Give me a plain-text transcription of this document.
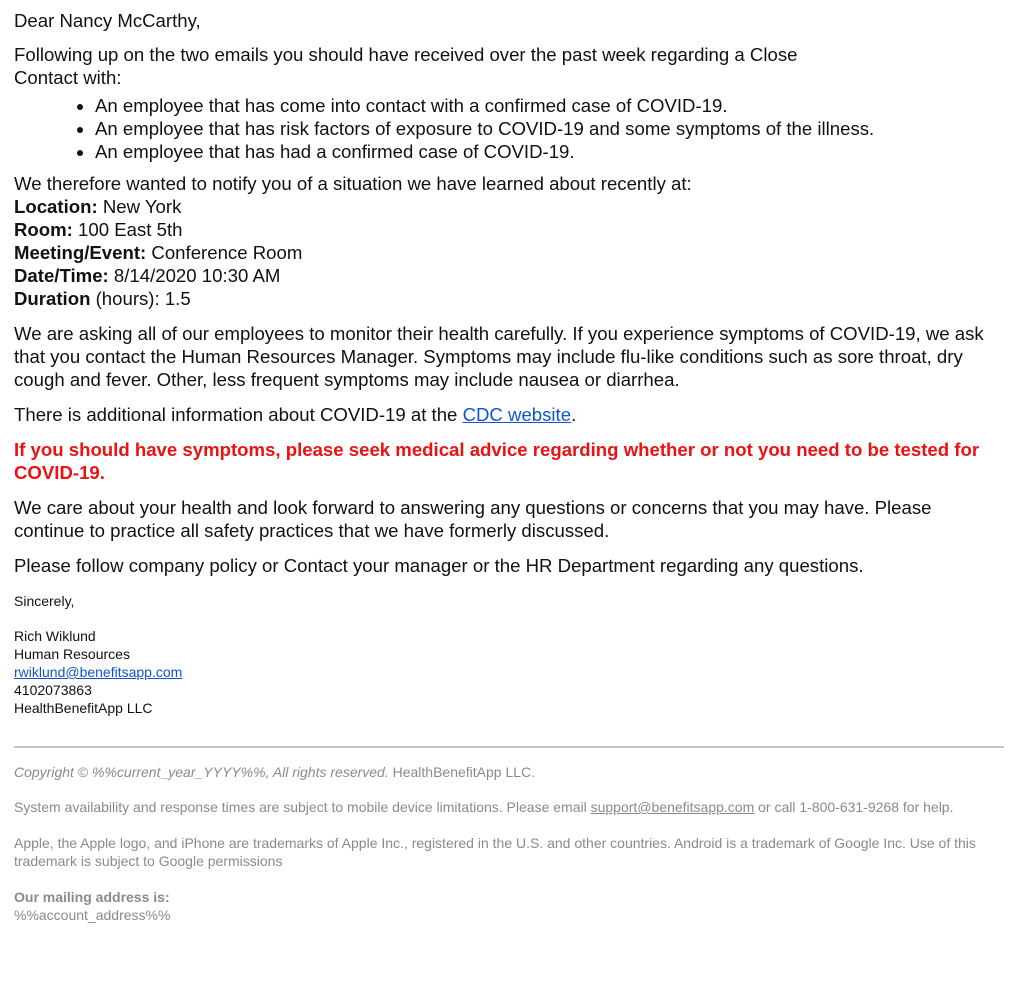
Dear Nancy McCarthy,

Following up on the two emails you should have received over the past week regarding a Close Contact with:

• An employee that has come into contact with a confirmed case of COVID-19.
• An employee that has risk factors of exposure to COVID-19 and some symptoms of the illness.
• An employee that has had a confirmed case of COVID-19.
We therefore wanted to notify you of a situation we have learned about recently at:
Location: New York
Room: 100 East 5th
Meeting/Event: Conference Room
Date/Time: 8/14/2020 10:30 AM
Duration (hours): 1.5

We are asking all of our employees to monitor their health carefully. If you experience symptoms of COVID-19, we ask that you contact the Human Resources Manager. Symptoms may include flu-like conditions such as sore throat, dry cough and fever. Other, less frequent symptoms may include nausea or diarrhea.

There is additional information about COVID-19 at the CDC website.

If you should have symptoms, please seek medical advice regarding whether or not you need to be tested for COVID-19.

We care about your health and look forward to answering any questions or concerns that you may have. Please continue to practice all safety practices that we have formerly discussed.

Please follow company policy or Contact your manager or the HR Department regarding any questions.

Sincerely,

Rich Wiklund
Human Resources
rwiklund@benefitsapp.com
4102073863
HealthBenefitApp LLC

Copyright © %%current_year_YYYY%%, All rights reserved. HealthBenefitApp LLC.

System availability and response times are subject to mobile device limitations. Please email support@benefitsapp.com or call 1-800-631-9268 for help.

Apple, the Apple logo, and iPhone are trademarks of Apple Inc., registered in the U.S. and other countries. Android is a trademark of Google Inc. Use of this trademark is subject to Google permissions

Our mailing address is:

%%account_address%%
